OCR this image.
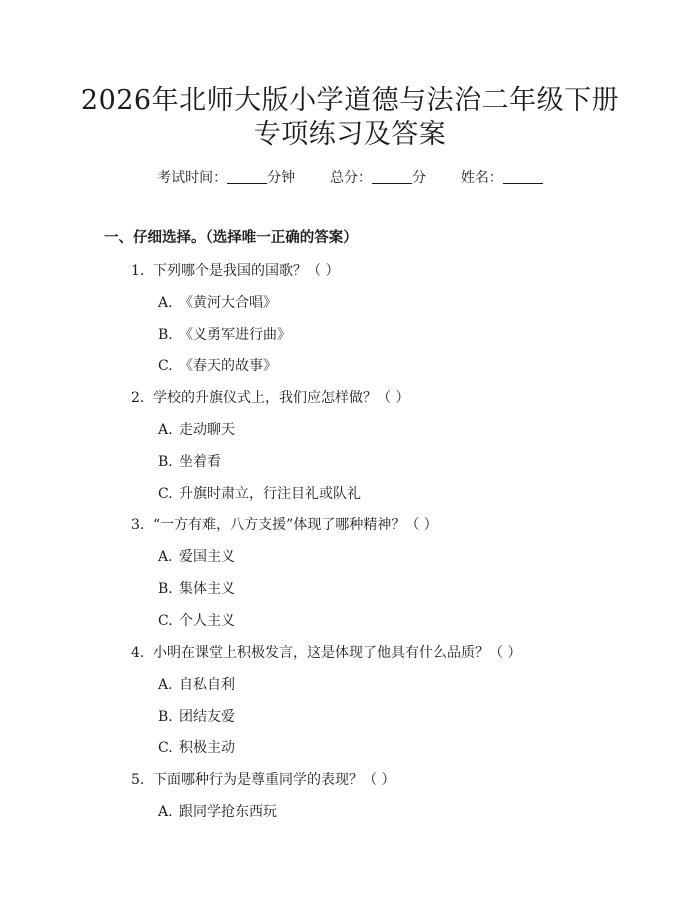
2026年北师大版小学道德与法治二年级下册
专项练习及答案
考试时间：	分钟 总分：	分 姓名：
一、仔细选择。（选择唯一正确的答案）
1. 下列哪个是我国的国歌？（ ）
A. 《黄河大合唱》
B. 《义勇军进行曲》
C. 《春天的故事》
2. 学校的升旗仪式上，我们应怎样做？（ ）
A. 走动聊天
B. 坐着看
C. 升旗时肃立，行注目礼或队礼
3. “一方有难，八方支援”体现了哪种精神？（ ）
A. 爱国主义
B. 集体主义
C. 个人主义
4. 小明在课堂上积极发言，这是体现了他具有什么品质？（ ）
A. 自私自利
B. 团结友爱
C. 积极主动
5. 下面哪种行为是尊重同学的表现？（ ）
A. 跟同学抢东西玩
